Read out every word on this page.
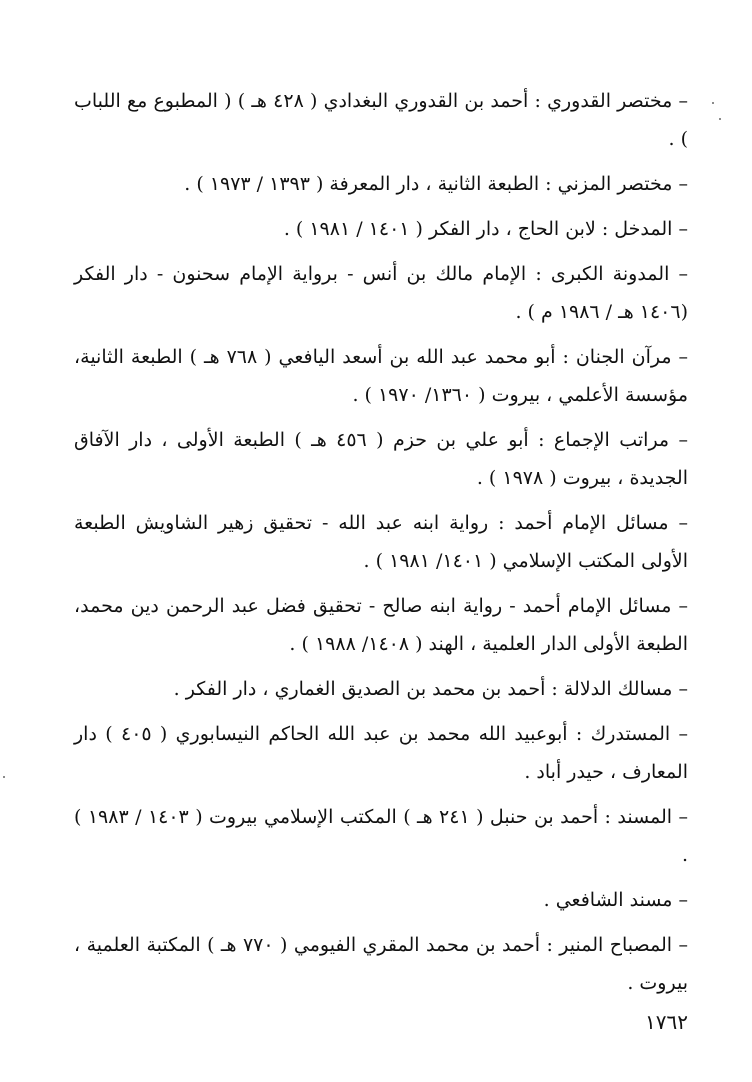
– مختصر القدوري : أحمد بن القدوري البغدادي ( ٤٢٨ هـ ) ( المطبوع مع اللباب ) .

– مختصر المزني : الطبعة الثانية ، دار المعرفة ( ١٣٩٣ / ١٩٧٣ ) .

– المدخل : لابن الحاج ، دار الفكر ( ١٤٠١ / ١٩٨١ ) .

– المدونة الكبرى : الإمام مالك بن أنس - برواية الإمام سحنون - دار الفكر (١٤٠٦ هـ / ١٩٨٦ م ) .

– مرآن الجنان : أبو محمد عبد الله بن أسعد اليافعي ( ٧٦٨ هـ ) الطبعة الثانية، مؤسسة الأعلمي ، بيروت ( ١٣٦٠/ ١٩٧٠ ) .

– مراتب الإجماع : أبو علي بن حزم ( ٤٥٦ هـ ) الطبعة الأولى ، دار الآفاق الجديدة ، بيروت ( ١٩٧٨ ) .

– مسائل الإمام أحمد : رواية ابنه عبد الله - تحقيق زهير الشاويش الطبعة الأولى المكتب الإسلامي ( ١٤٠١/ ١٩٨١ ) .

– مسائل الإمام أحمد - رواية ابنه صالح - تحقيق فضل عبد الرحمن دين محمد، الطبعة الأولى الدار العلمية ، الهند ( ١٤٠٨/ ١٩٨٨ ) .

– مسالك الدلالة : أحمد بن محمد بن الصديق الغماري ، دار الفكر .

– المستدرك : أبوعبيد الله محمد بن عبد الله الحاكم النيسابوري ( ٤٠٥ ) دار المعارف ، حيدر أباد .

– المسند : أحمد بن حنبل ( ٢٤١ هـ ) المكتب الإسلامي بيروت ( ١٤٠٣ / ١٩٨٣ ) .

– مسند الشافعي .

– المصباح المنير : أحمد بن محمد المقري الفيومي ( ٧٧٠ هـ ) المكتبة العلمية ، بيروت .

١٧٦٢
